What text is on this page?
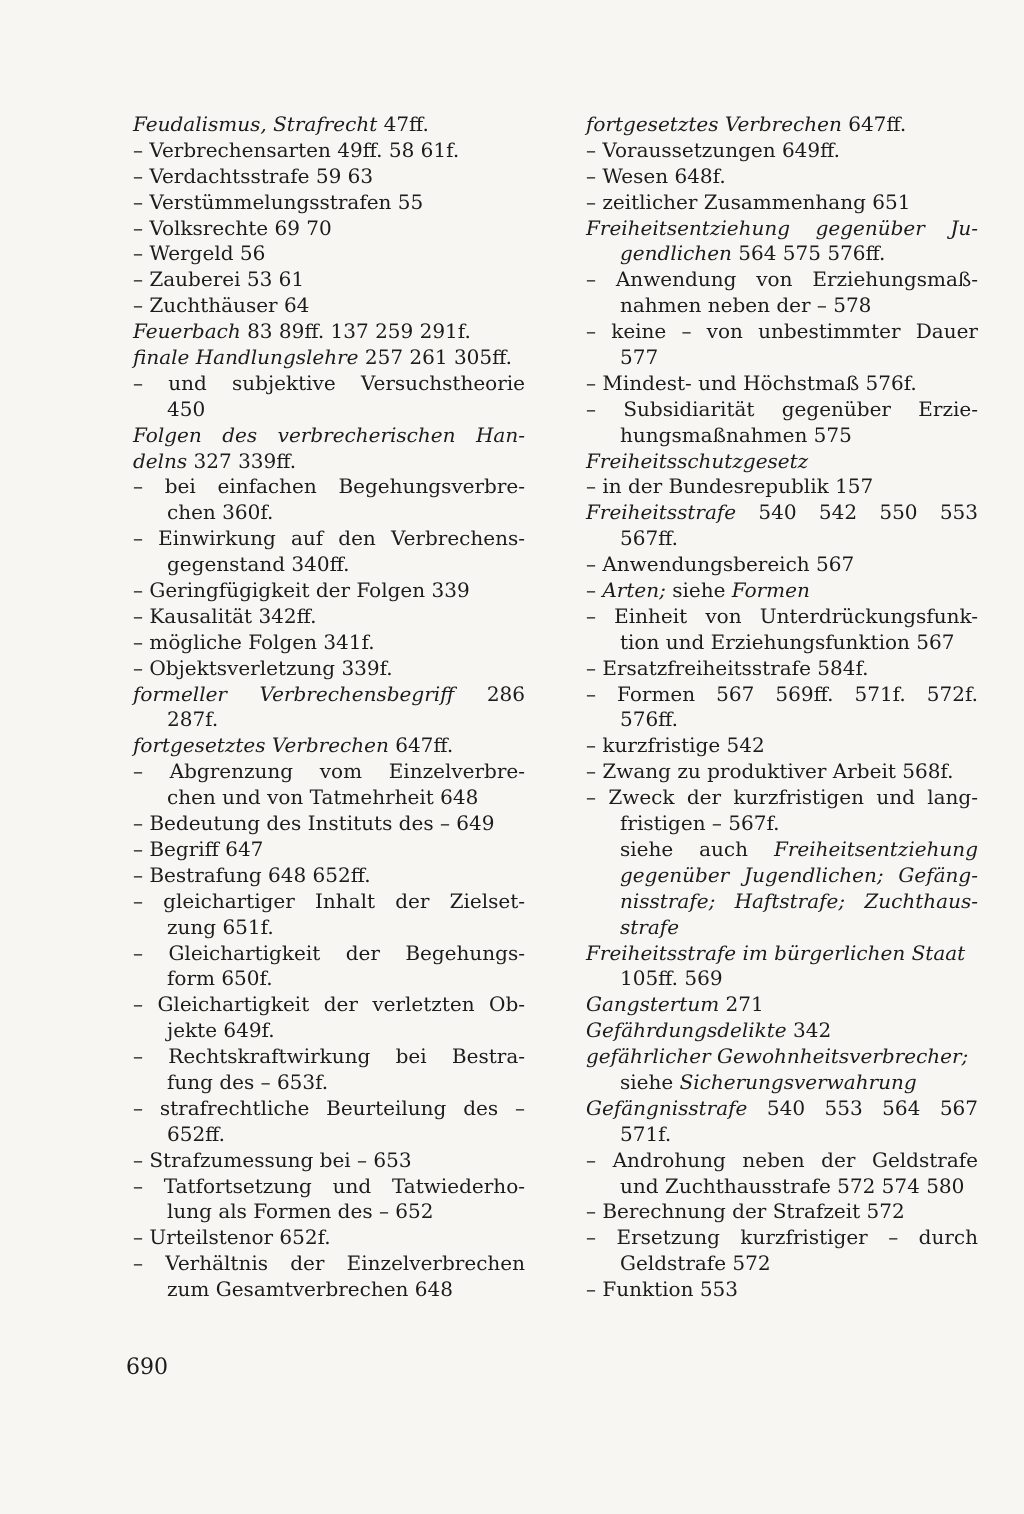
Feudalismus, Strafrecht 47ff.
– Verbrechensarten 49ff. 58 61f.
– Verdachtsstrafe 59 63
– Verstümmelungsstrafen 55
– Volksrechte 69 70
– Wergeld 56
– Zauberei 53 61
– Zuchthäuser 64
Feuerbach 83 89ff. 137 259 291f.
finale Handlungslehre 257 261 305ff.
– und subjektive Versuchstheorie
450
Folgen des verbrecherischen Han-
delns 327 339ff.
– bei einfachen Begehungsverbre-
chen 360f.
– Einwirkung auf den Verbrechens-
gegenstand 340ff.
– Geringfügigkeit der Folgen 339
– Kausalität 342ff.
– mögliche Folgen 341f.
– Objektsverletzung 339f.
formeller Verbrechensbegriff 286
287f.
fortgesetztes Verbrechen 647ff.
– Abgrenzung vom Einzelverbre-
chen und von Tatmehrheit 648
– Bedeutung des Instituts des – 649
– Begriff 647
– Bestrafung 648 652ff.
– gleichartiger Inhalt der Zielset-
zung 651f.
– Gleichartigkeit der Begehungs-
form 650f.
– Gleichartigkeit der verletzten Ob-
jekte 649f.
– Rechtskraftwirkung bei Bestra-
fung des – 653f.
– strafrechtliche Beurteilung des –
652ff.
– Strafzumessung bei – 653
– Tatfortsetzung und Tatwiederho-
lung als Formen des – 652
– Urteilstenor 652f.
– Verhältnis der Einzelverbrechen
zum Gesamtverbrechen 648
fortgesetztes Verbrechen 647ff.
– Voraussetzungen 649ff.
– Wesen 648f.
– zeitlicher Zusammenhang 651
Freiheitsentziehung gegenüber Ju-
gendlichen 564 575 576ff.
– Anwendung von Erziehungsmaß-
nahmen neben der – 578
– keine – von unbestimmter Dauer
577
– Mindest- und Höchstmaß 576f.
– Subsidiarität gegenüber Erzie-
hungsmaßnahmen 575
Freiheitsschutzgesetz
– in der Bundesrepublik 157
Freiheitsstrafe 540 542 550 553
567ff.
– Anwendungsbereich 567
– Arten; siehe Formen
– Einheit von Unterdrückungsfunk-
tion und Erziehungsfunktion 567
– Ersatzfreiheitsstrafe 584f.
– Formen 567 569ff. 571f. 572f.
576ff.
– kurzfristige 542
– Zwang zu produktiver Arbeit 568f.
– Zweck der kurzfristigen und lang-
fristigen – 567f.
siehe auch Freiheitsentziehung
gegenüber Jugendlichen; Gefäng-
nisstrafe; Haftstrafe; Zuchthaus-
strafe
Freiheitsstrafe im bürgerlichen Staat
105ff. 569
Gangstertum 271
Gefährdungsdelikte 342
gefährlicher Gewohnheitsverbrecher;
siehe Sicherungsverwahrung
Gefängnisstrafe 540 553 564 567
571f.
– Androhung neben der Geldstrafe
und Zuchthausstrafe 572 574 580
– Berechnung der Strafzeit 572
– Ersetzung kurzfristiger – durch
Geldstrafe 572
– Funktion 553
690
